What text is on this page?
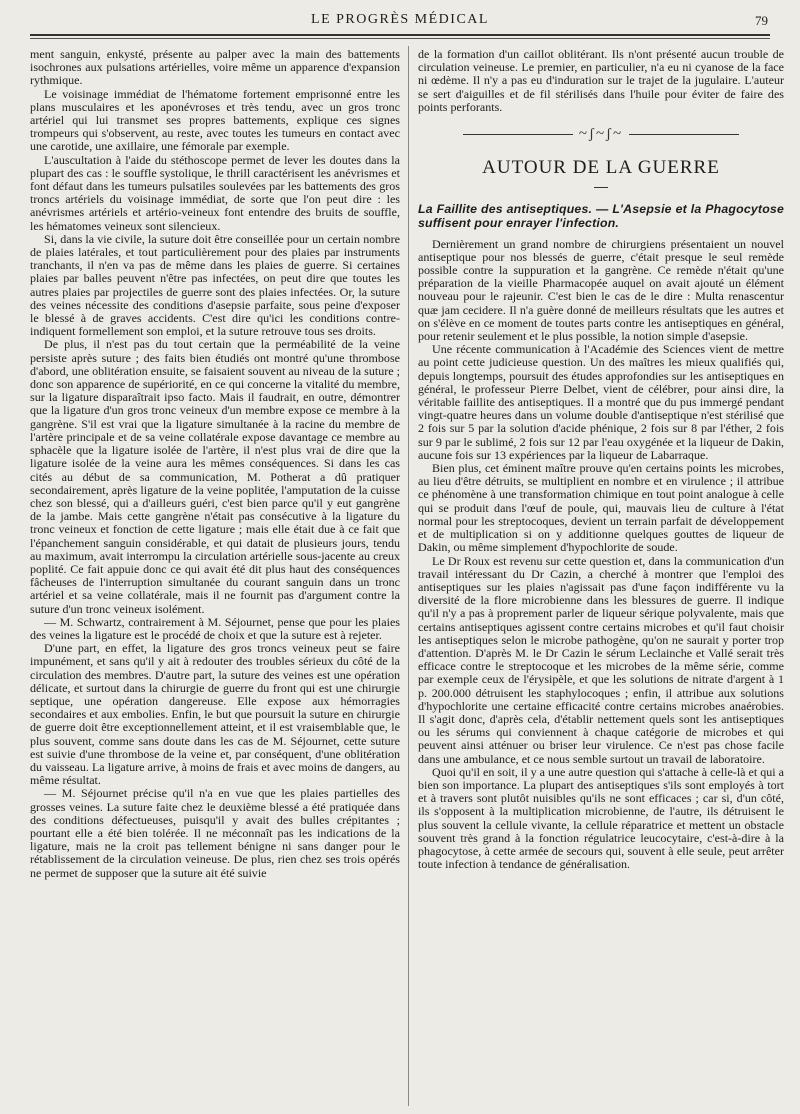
LE PROGRÈS MÉDICAL	79

ment sanguin, enkysté, présente au palper avec la main des battements isochrones aux pulsations artérielles, voire même un apparence d'expansion rythmique.

Le voisinage immédiat de l'hématome fortement emprisonné entre les plans musculaires et les aponévroses et très tendu, avec un gros tronc artériel qui lui transmet ses propres battements, explique ces signes trompeurs qui s'observent, au reste, avec toutes les tumeurs en contact avec une carotide, une axillaire, une fémorale par exemple.

L'auscultation à l'aide du stéthoscope permet de lever les doutes dans la plupart des cas : le souffle systolique, le thrill caractérisent les anévrismes et font défaut dans les tumeurs pulsatiles soulevées par les battements des gros troncs artériels du voisinage immédiat, de sorte que l'on peut dire : les anévrismes artériels et artério-veineux font entendre des bruits de souffle, les hématomes veineux sont silencieux.

Si, dans la vie civile, la suture doit être conseillée pour un certain nombre de plaies latérales, et tout particulièrement pour des plaies par instruments tranchants, il n'en va pas de même dans les plaies de guerre. Si certaines plaies par balles peuvent n'être pas infectées, on peut dire que toutes les autres plaies par projectiles de guerre sont des plaies infectées. Or, la suture des veines nécessite des conditions d'asepsie parfaite, sous peine d'exposer le blessé à de graves accidents. C'est dire qu'ici les conditions contre-indiquent formellement son emploi, et la suture retrouve tous ses droits.

De plus, il n'est pas du tout certain que la perméabilité de la veine persiste après suture ; des faits bien étudiés ont montré qu'une thrombose d'abord, une oblitération ensuite, se faisaient souvent au niveau de la suture ; donc son apparence de supériorité, en ce qui concerne la vitalité du membre, sur la ligature disparaîtrait ipso facto. Mais il faudrait, en outre, démontrer que la ligature d'un gros tronc veineux d'un membre expose ce membre à la gangrène. S'il est vrai que la ligature simultanée à la racine du membre de l'artère principale et de sa veine collatérale expose davantage ce membre au sphacèle que la ligature isolée de l'artère, il n'est plus vrai de dire que la ligature isolée de la veine aura les mêmes conséquences. Si dans les cas cités au début de sa communication, M. Potherat a dû pratiquer secondairement, après ligature de la veine poplitée, l'amputation de la cuisse chez son blessé, qui a d'ailleurs guéri, c'est bien parce qu'il y eut gangrène de la jambe. Mais cette gangrène n'était pas consécutive à la ligature du tronc veineux et fonction de cette ligature ; mais elle était due à ce fait que l'épanchement sanguin considérable, et qui datait de plusieurs jours, tendu au maximum, avait interrompu la circulation artérielle sous-jacente au creux poplité. Ce fait appuie donc ce qui avait été dit plus haut des conséquences fâcheuses de l'interruption simultanée du courant sanguin dans un tronc artériel et sa veine collatérale, mais il ne fournit pas d'argument contre la suture d'un tronc veineux isolément.

— M. Schwartz, contrairement à M. Séjournet, pense que pour les plaies des veines la ligature est le procédé de choix et que la suture est à rejeter.

D'une part, en effet, la ligature des gros troncs veineux peut se faire impunément, et sans qu'il y ait à redouter des troubles sérieux du côté de la circulation des membres. D'autre part, la suture des veines est une opération délicate, et surtout dans la chirurgie de guerre du front qui est une chirurgie septique, une opération dangereuse. Elle expose aux hémorragies secondaires et aux embolies. Enfin, le but que poursuit la suture en chirurgie de guerre doit être exceptionnellement atteint, et il est vraisemblable que, le plus souvent, comme sans doute dans les cas de M. Séjournet, cette suture est suivie d'une thrombose de la veine et, par conséquent, d'une oblitération du vaisseau. La ligature arrive, à moins de frais et avec moins de dangers, au même résultat.

— M. Séjournet précise qu'il n'a en vue que les plaies partielles des grosses veines. La suture faite chez le deuxième blessé a été pratiquée dans des conditions défectueuses, puisqu'il y avait des bulles crépitantes ; pourtant elle a été bien tolérée. Il ne méconnaît pas les indications de la ligature, mais ne la croit pas tellement bénigne ni sans danger pour le rétablissement de la circulation veineuse. De plus, rien chez ses trois opérés ne permet de supposer que la suture ait été suivie

de la formation d'un caillot oblitérant. Ils n'ont présenté aucun trouble de circulation veineuse. Le premier, en particulier, n'a eu ni cyanose de la face ni œdème. Il n'y a pas eu d'induration sur le trajet de la jugulaire. L'auteur se sert d'aiguilles et de fil stérilisés dans l'huile pour éviter de faire des points perforants.

~ʃ~ʃ~
AUTOUR DE LA GUERRE
La Faillite des antiseptiques. — L'Asepsie et la Phagocytose suffisent pour enrayer l'infection.

Dernièrement un grand nombre de chirurgiens présentaient un nouvel antiseptique pour nos blessés de guerre, c'était presque le seul remède possible contre la suppuration et la gangrène. Ce remède n'était qu'une préparation de la vieille Pharmacopée auquel on avait ajouté un élément nouveau pour le rajeunir. C'est bien le cas de le dire : Multa renascentur quæ jam cecidere. Il n'a guère donné de meilleurs résultats que les autres et on s'élève en ce moment de toutes parts contre les antiseptiques en général, pour retenir seulement et le plus possible, la notion simple d'asepsie.

Une récente communication à l'Académie des Sciences vient de mettre au point cette judicieuse question. Un des maîtres les mieux qualifiés qui, depuis longtemps, poursuit des études approfondies sur les antiseptiques en général, le professeur Pierre Delbet, vient de célébrer, pour ainsi dire, la véritable faillite des antiseptiques. Il a montré que du pus immergé pendant vingt-quatre heures dans un volume double d'antiseptique n'est stérilisé que 2 fois sur 5 par la solution d'acide phénique, 2 fois sur 8 par l'éther, 2 fois sur 9 par le sublimé, 2 fois sur 12 par l'eau oxygénée et la liqueur de Dakin, aucune fois sur 13 expériences par la liqueur de Labarraque.

Bien plus, cet éminent maître prouve qu'en certains points les microbes, au lieu d'être détruits, se multiplient en nombre et en virulence ; il attribue ce phénomène à une transformation chimique en tout point analogue à celle qui se produit dans l'œuf de poule, qui, mauvais lieu de culture à l'état normal pour les streptocoques, devient un terrain parfait de développement et de multiplication si on y additionne quelques gouttes de liqueur de Dakin, ou même simplement d'hypochlorite de soude.

Le Dr Roux est revenu sur cette question et, dans la communication d'un travail intéressant du Dr Cazin, a cherché à montrer que l'emploi des antiseptiques sur les plaies n'agissait pas d'une façon indifférente vu la diversité de la flore microbienne dans les blessures de guerre. Il indique qu'il n'y a pas à proprement parler de liqueur sérique polyvalente, mais que certains antiseptiques agissent contre certains microbes et qu'il faut choisir les antiseptiques selon le microbe pathogène, qu'on ne saurait y porter trop d'attention. D'après M. le Dr Cazin le sérum Leclainche et Vallé serait très efficace contre le streptocoque et les microbes de la même série, comme par exemple ceux de l'érysipèle, et que les solutions de nitrate d'argent à 1 p. 200.000 détruisent les staphylocoques ; enfin, il attribue aux solutions d'hypochlorite une certaine efficacité contre certains microbes anaérobies. Il s'agit donc, d'après cela, d'établir nettement quels sont les antiseptiques ou les sérums qui conviennent à chaque catégorie de microbes et qui peuvent ainsi atténuer ou briser leur virulence. Ce n'est pas chose facile dans une ambulance, et ce nous semble surtout un travail de laboratoire.

Quoi qu'il en soit, il y a une autre question qui s'attache à celle-là et qui a bien son importance. La plupart des antiseptiques s'ils sont employés à tort et à travers sont plutôt nuisibles qu'ils ne sont efficaces ; car si, d'un côté, ils s'opposent à la multiplication microbienne, de l'autre, ils détruisent le plus souvent la cellule vivante, la cellule réparatrice et mettent un obstacle souvent très grand à la fonction régulatrice leucocytaire, c'est-à-dire à la phagocytose, à cette armée de secours qui, souvent à elle seule, peut arrêter toute infection à tendance de généralisation.
